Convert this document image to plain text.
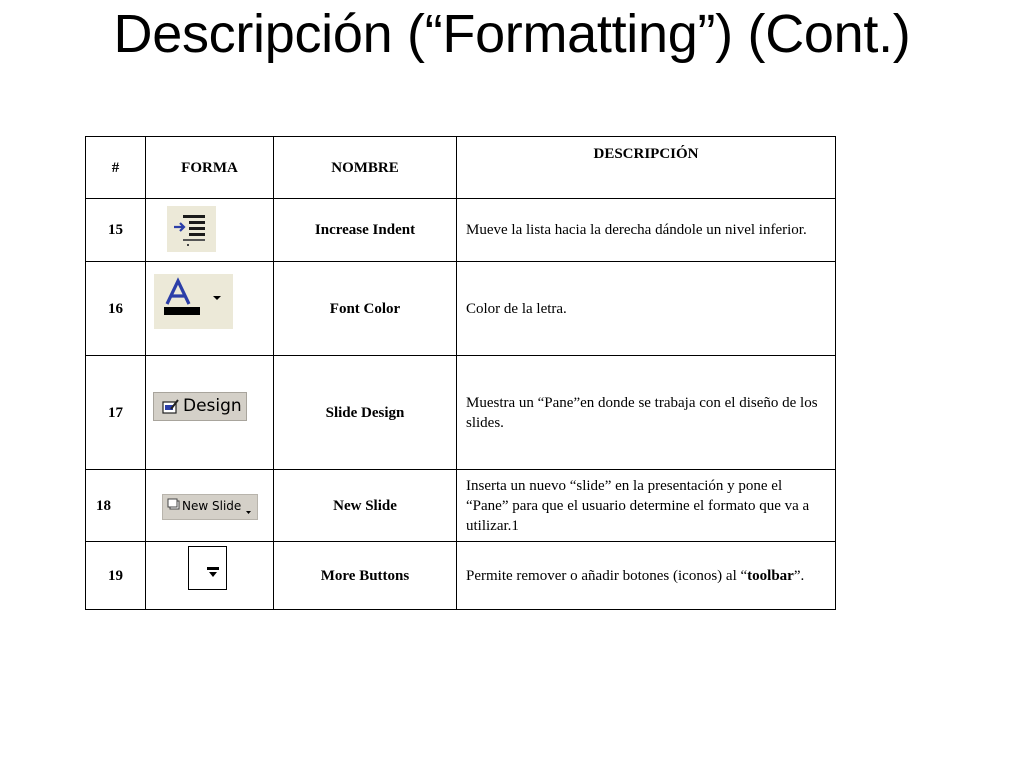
Descripción (“Formatting”) (Cont.)
#	FORMA	NOMBRE	DESCRIPCIÓN
15		Increase Indent	Mueve la lista hacia la derecha dándole un nivel inferior.
16		Font Color	Color de la letra.
17	Design	Slide Design	Muestra un “Pane”en donde se trabaja con el diseño de los slides.
18	New Slide	New Slide	Inserta un nuevo “slide” en la presentación y pone el “Pane” para que el usuario determine el formato que va a utilizar.1
19		More Buttons	Permite remover o añadir botones (iconos) al “toolbar”.
